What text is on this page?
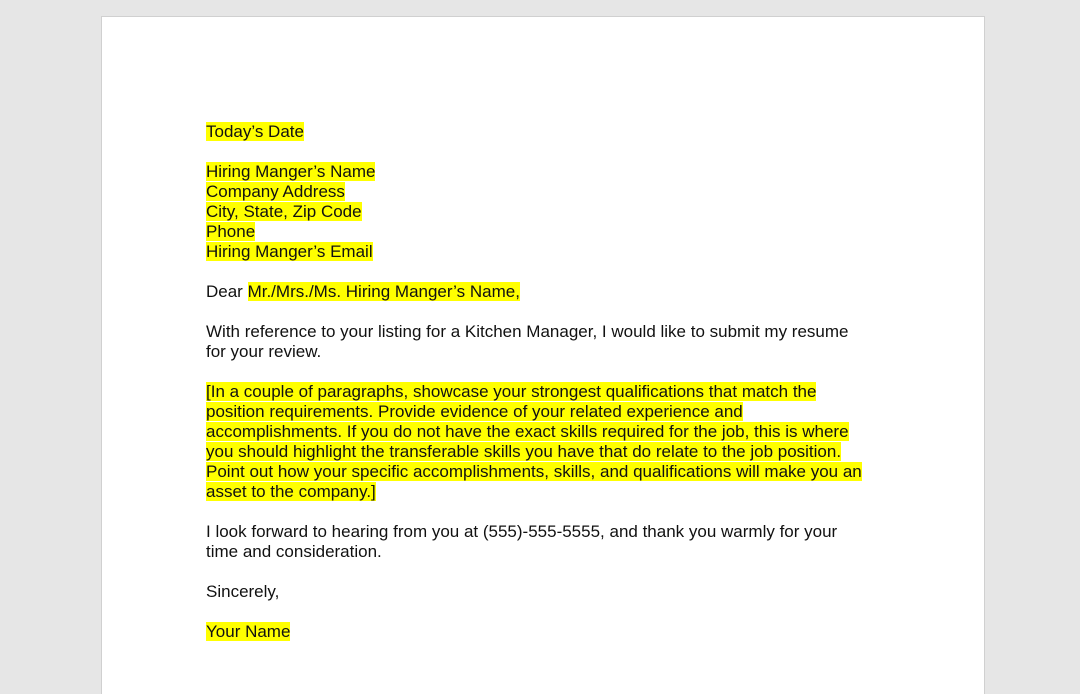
Today’s Date
Hiring Manger’s Name
Company Address
City, State, Zip Code
Phone
Hiring Manger’s Email
Dear Mr./Mrs./Ms. Hiring Manger’s Name,
With reference to your listing for a Kitchen Manager, I would like to submit my resume
for your review.
[In a couple of paragraphs, showcase your strongest qualifications that match the
position requirements. Provide evidence of your related experience and
accomplishments. If you do not have the exact skills required for the job, this is where
you should highlight the transferable skills you have that do relate to the job position.
Point out how your specific accomplishments, skills, and qualifications will make you an
asset to the company.]
I look forward to hearing from you at (555)-555-5555, and thank you warmly for your
time and consideration.
Sincerely,
Your Name
